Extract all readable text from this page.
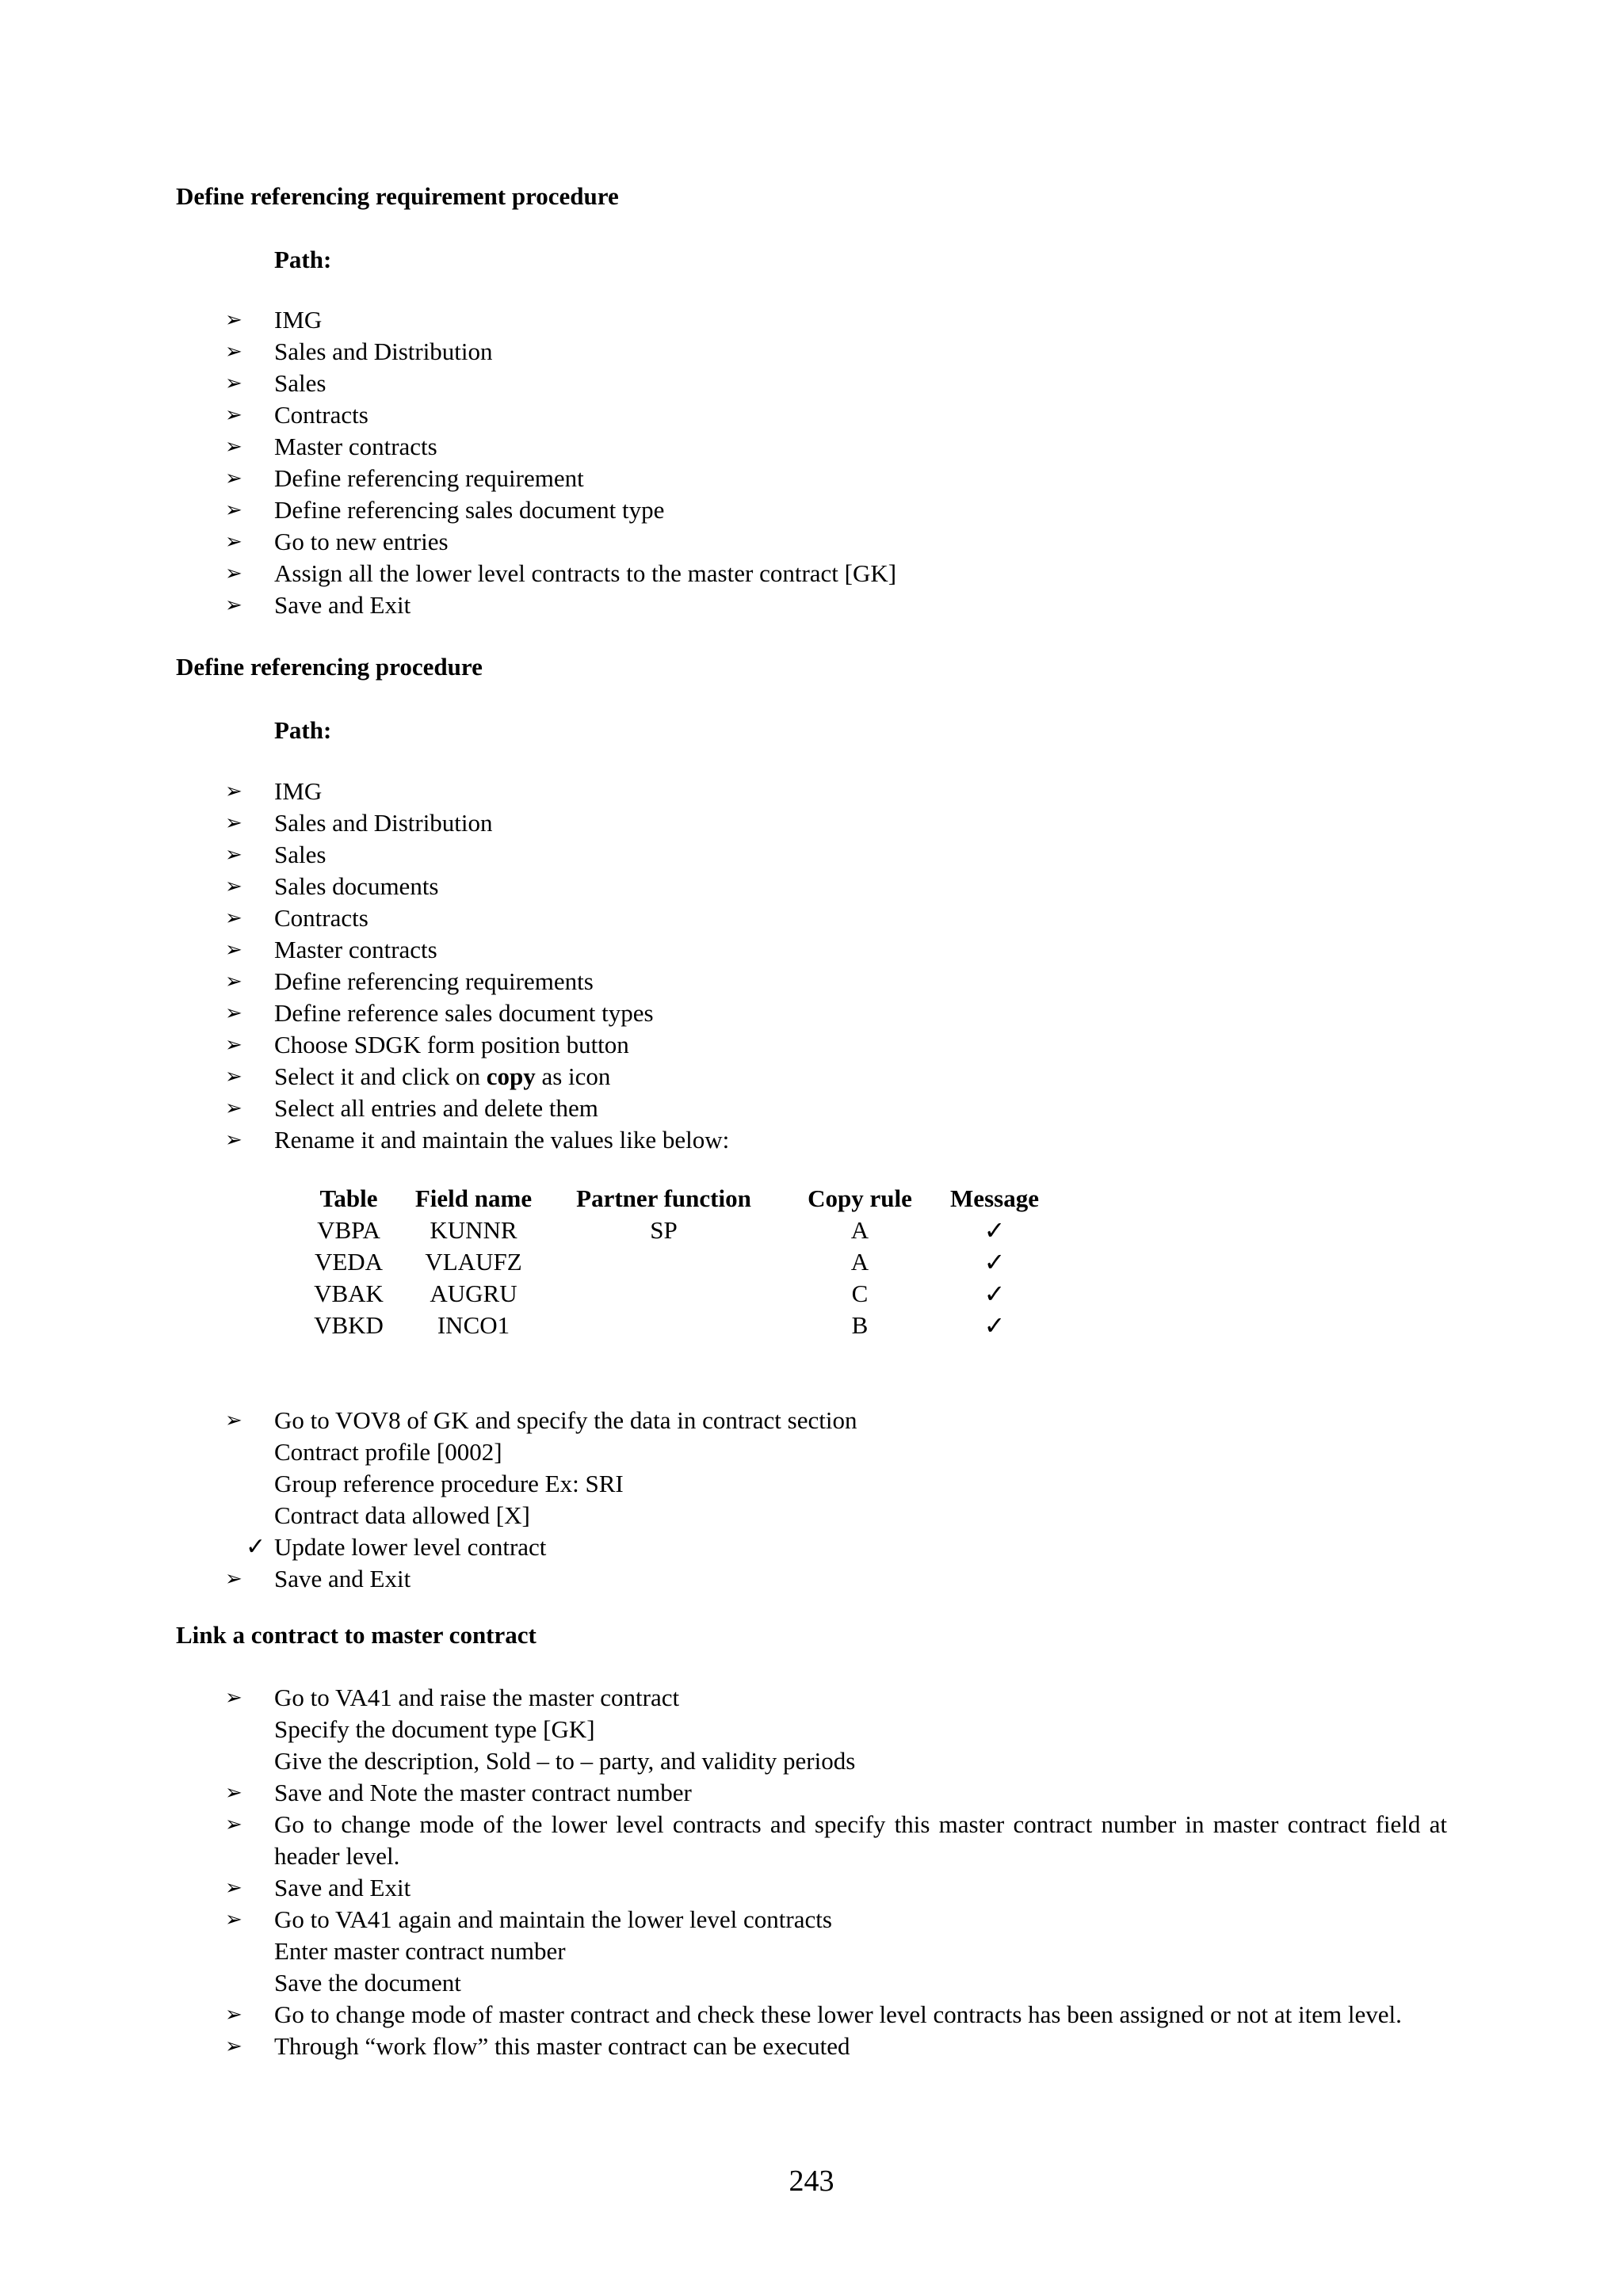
Define referencing requirement procedure
Path:
➢ IMG
➢ Sales and Distribution
➢ Sales
➢ Contracts
➢ Master contracts
➢ Define referencing requirement
➢ Define referencing sales document type
➢ Go to new entries
➢ Assign all the lower level contracts to the master contract [GK]
➢ Save and Exit
Define referencing procedure
Path:
➢ IMG
➢ Sales and Distribution
➢ Sales
➢ Sales documents
➢ Contracts
➢ Master contracts
➢ Define referencing requirements
➢ Define reference sales document types
➢ Choose SDGK form position button
➢ Select it and click on copy as icon
➢ Select all entries and delete them
➢ Rename it and maintain the values like below:
Table	Field name	Partner function	Copy rule	Message
VBPA	KUNNR	SP	A	✓
VEDA	VLAUFZ		A	✓
VBAK	AUGRU		C	✓
VBKD	INCO1		B	✓
➢ Go to VOV8 of GK and specify the data in contract section
Contract profile [0002]
Group reference procedure Ex: SRI
Contract data allowed [X]
✓ Update lower level contract
➢ Save and Exit
Link a contract to master contract
➢ Go to VA41 and raise the master contract
Specify the document type [GK]
Give the description, Sold – to – party, and validity periods
➢ Save and Note the master contract number
➢ Go to change mode of the lower level contracts and specify this master contract number in master contract field at header level.
➢ Save and Exit
➢ Go to VA41 again and maintain the lower level contracts
Enter master contract number
Save the document
➢ Go to change mode of master contract and check these lower level contracts has been assigned or not at item level.
➢ Through “work flow” this master contract can be executed
243
